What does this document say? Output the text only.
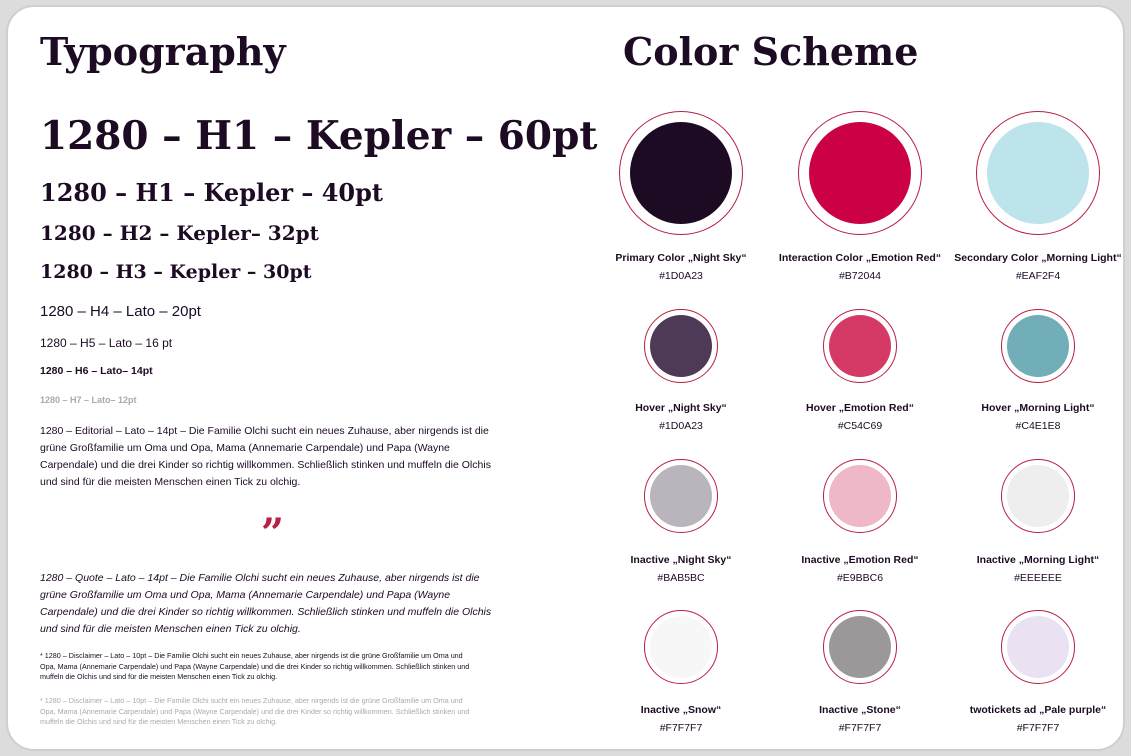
Typography
1280 – H1 – Kepler – 60pt
1280 – H1 – Kepler – 40pt
1280 – H2 – Kepler– 32pt
1280 – H3 – Kepler – 30pt
1280 – H4 – Lato – 20pt
1280 – H5 – Lato – 16 pt
1280 – H6 – Lato– 14pt
1280 – H7 – Lato– 12pt

1280 – Editorial – Lato – 14pt – Die Familie Olchi sucht ein neues Zuhause, aber nirgends ist die grüne Großfamilie um Oma und Opa, Mama (Annemarie Carpendale) und Papa (Wayne Carpendale) und die drei Kinder so richtig willkommen. Schließlich stinken und muffeln die Olchis und sind für die meisten Menschen einen Tick zu olchig.

”

1280 – Quote – Lato – 14pt – Die Familie Olchi sucht ein neues Zuhause, aber nirgends ist die grüne Großfamilie um Oma und Opa, Mama (Annemarie Carpendale) und Papa (Wayne Carpendale) und die drei Kinder so richtig willkommen. Schließlich stinken und muffeln die Olchis und sind für die meisten Menschen einen Tick zu olchig.

* 1280 – Disclaimer – Lato – 10pt – Die Familie Olchi sucht ein neues Zuhause, aber nirgends ist die grüne Großfamilie um Oma und Opa, Mama (Annemarie Carpendale) und Papa (Wayne Carpendale) und die drei Kinder so richtig willkommen. Schließlich stinken und muffeln die Olchis und sind für die meisten Menschen einen Tick zu olchig.

* 1280 – Disclaimer – Lato – 10pt – Die Familie Olchi sucht ein neues Zuhause, aber nirgends ist die grüne Großfamilie um Oma und Opa, Mama (Annemarie Carpendale) und Papa (Wayne Carpendale) und die drei Kinder so richtig willkommen. Schließlich stinken und muffeln die Olchis und sind für die meisten Menschen einen Tick zu olchig.

Color Scheme
Primary Color „Night Sky“
#1D0A23
Interaction Color „Emotion Red“
#B72044
Secondary Color „Morning Light“
#EAF2F4
Hover „Night Sky“
#1D0A23
Hover „Emotion Red“
#C54C69
Hover „Morning Light“
#C4E1E8
Inactive „Night Sky“
#BAB5BC
Inactive „Emotion Red“
#E9BBC6
Inactive „Morning Light“
#EEEEEE
Inactive „Snow“
#F7F7F7
Inactive „Stone“
#F7F7F7
twotickets ad „Pale purple“
#F7F7F7
